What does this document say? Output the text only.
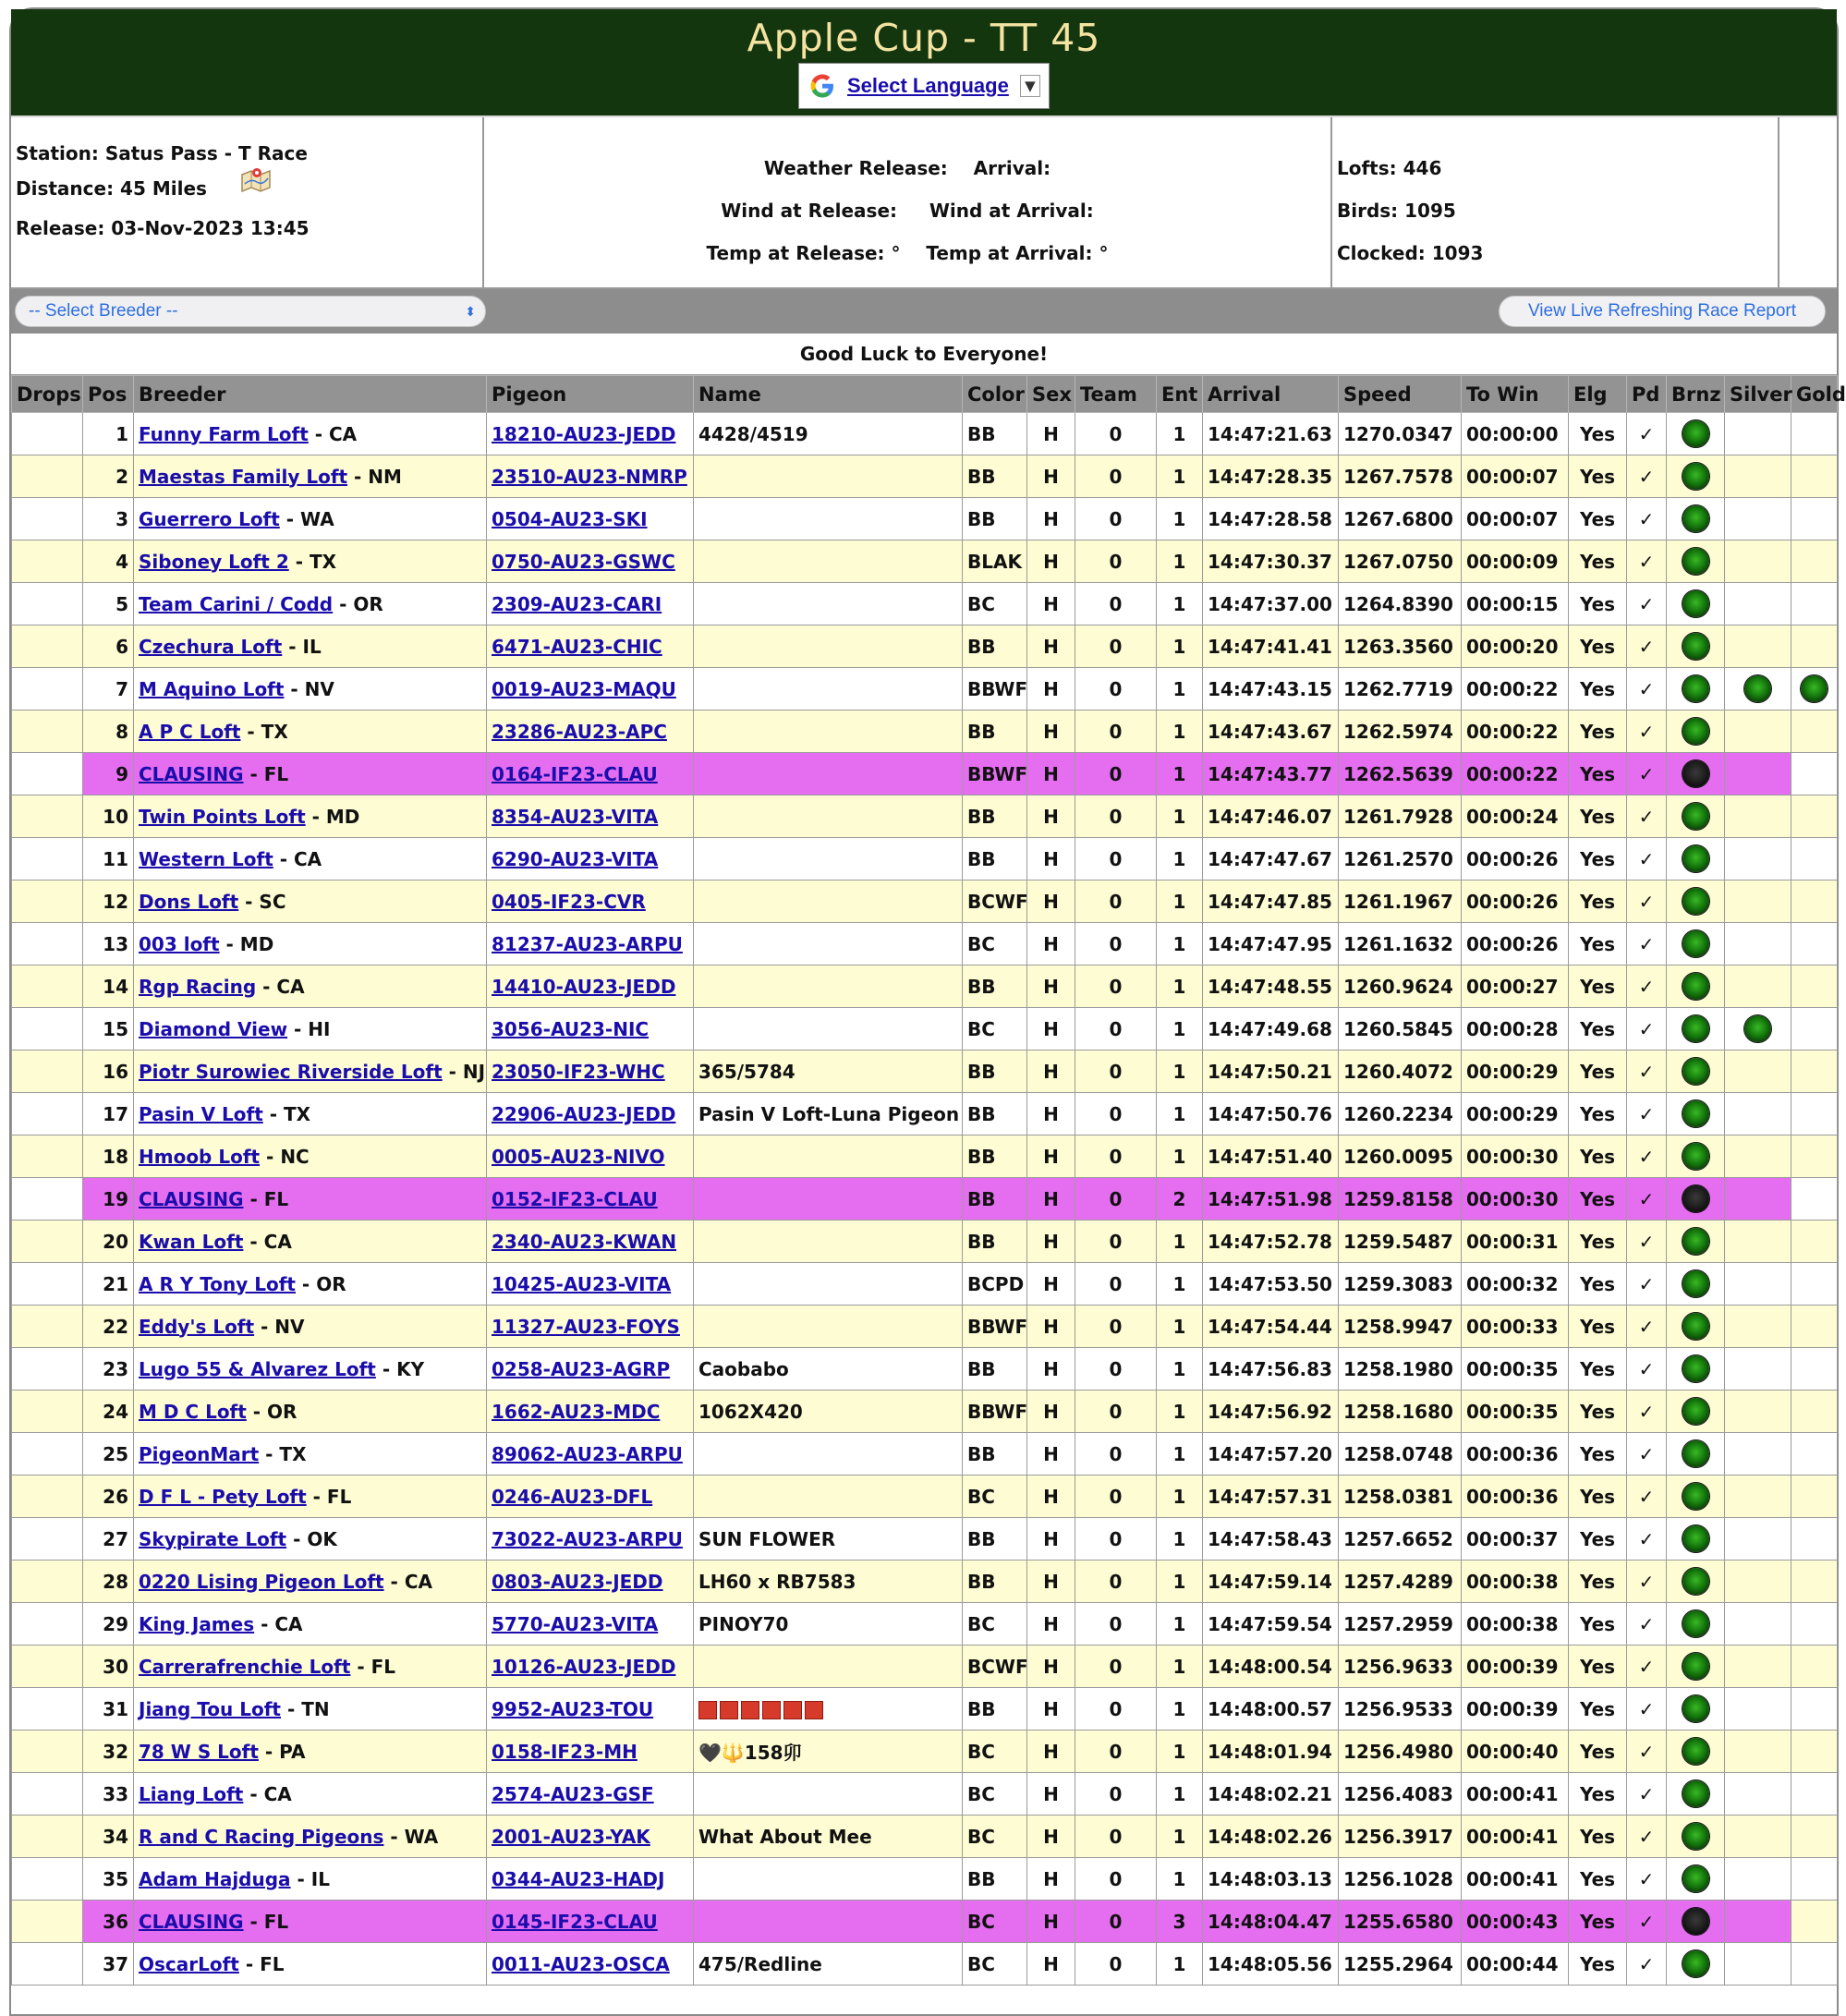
Apple Cup - TT 45
Select Language	▼
Station: Satus Pass - T Race
Distance: 45 Miles
Release: 03-Nov-2023 13:45
Weather Release: Arrival:
Wind at Release: Wind at Arrival:
Temp at Release: ° Temp at Arrival: °
Lofts: 446
Birds: 1095
Clocked: 1093
-- Select Breeder --	⬍	View Live Refreshing Race Report
Good Luck to Everyone!
Drops	Pos	Breeder	Pigeon	Name	Color	Sex	Team	Ent	Arrival	Speed	To Win	Elg	Pd	Brnz	Silver	Gold
	1	Funny Farm Loft - CA	18210-AU23-JEDD	4428/4519	BB	H	0	1	14:47:21.63	1270.0347	00:00:00	Yes	✓			
	2	Maestas Family Loft - NM	23510-AU23-NMRP		BB	H	0	1	14:47:28.35	1267.7578	00:00:07	Yes	✓			
	3	Guerrero Loft - WA	0504-AU23-SKI		BB	H	0	1	14:47:28.58	1267.6800	00:00:07	Yes	✓			
	4	Siboney Loft 2 - TX	0750-AU23-GSWC		BLAK	H	0	1	14:47:30.37	1267.0750	00:00:09	Yes	✓			
	5	Team Carini / Codd - OR	2309-AU23-CARI		BC	H	0	1	14:47:37.00	1264.8390	00:00:15	Yes	✓			
	6	Czechura Loft - IL	6471-AU23-CHIC		BB	H	0	1	14:47:41.41	1263.3560	00:00:20	Yes	✓			
	7	M Aquino Loft - NV	0019-AU23-MAQU		BBWF	H	0	1	14:47:43.15	1262.7719	00:00:22	Yes	✓			
	8	A P C Loft - TX	23286-AU23-APC		BB	H	0	1	14:47:43.67	1262.5974	00:00:22	Yes	✓			
	9	CLAUSING - FL	0164-IF23-CLAU		BBWF	H	0	1	14:47:43.77	1262.5639	00:00:22	Yes	✓			
	10	Twin Points Loft - MD	8354-AU23-VITA		BB	H	0	1	14:47:46.07	1261.7928	00:00:24	Yes	✓			
	11	Western Loft - CA	6290-AU23-VITA		BB	H	0	1	14:47:47.67	1261.2570	00:00:26	Yes	✓			
	12	Dons Loft - SC	0405-IF23-CVR		BCWF	H	0	1	14:47:47.85	1261.1967	00:00:26	Yes	✓			
	13	003 loft - MD	81237-AU23-ARPU		BC	H	0	1	14:47:47.95	1261.1632	00:00:26	Yes	✓			
	14	Rgp Racing - CA	14410-AU23-JEDD		BB	H	0	1	14:47:48.55	1260.9624	00:00:27	Yes	✓			
	15	Diamond View - HI	3056-AU23-NIC		BC	H	0	1	14:47:49.68	1260.5845	00:00:28	Yes	✓			
	16	Piotr Surowiec Riverside Loft - NJ	23050-IF23-WHC	365/5784	BB	H	0	1	14:47:50.21	1260.4072	00:00:29	Yes	✓			
	17	Pasin V Loft - TX	22906-AU23-JEDD	Pasin V Loft-Luna Pigeon	BB	H	0	1	14:47:50.76	1260.2234	00:00:29	Yes	✓			
	18	Hmoob Loft - NC	0005-AU23-NIVO		BB	H	0	1	14:47:51.40	1260.0095	00:00:30	Yes	✓			
	19	CLAUSING - FL	0152-IF23-CLAU		BB	H	0	2	14:47:51.98	1259.8158	00:00:30	Yes	✓			
	20	Kwan Loft - CA	2340-AU23-KWAN		BB	H	0	1	14:47:52.78	1259.5487	00:00:31	Yes	✓			
	21	A R Y Tony Loft - OR	10425-AU23-VITA		BCPD	H	0	1	14:47:53.50	1259.3083	00:00:32	Yes	✓			
	22	Eddy's Loft - NV	11327-AU23-FOYS		BBWF	H	0	1	14:47:54.44	1258.9947	00:00:33	Yes	✓			
	23	Lugo 55 & Alvarez Loft - KY	0258-AU23-AGRP	Caobabo	BB	H	0	1	14:47:56.83	1258.1980	00:00:35	Yes	✓			
	24	M D C Loft - OR	1662-AU23-MDC	1062X420	BBWF	H	0	1	14:47:56.92	1258.1680	00:00:35	Yes	✓			
	25	PigeonMart - TX	89062-AU23-ARPU		BB	H	0	1	14:47:57.20	1258.0748	00:00:36	Yes	✓			
	26	D F L - Pety Loft - FL	0246-AU23-DFL		BC	H	0	1	14:47:57.31	1258.0381	00:00:36	Yes	✓			
	27	Skypirate Loft - OK	73022-AU23-ARPU	SUN FLOWER	BB	H	0	1	14:47:58.43	1257.6652	00:00:37	Yes	✓			
	28	0220 Lising Pigeon Loft - CA	0803-AU23-JEDD	LH60 x RB7583	BB	H	0	1	14:47:59.14	1257.4289	00:00:38	Yes	✓			
	29	King James - CA	5770-AU23-VITA	PINOY70	BC	H	0	1	14:47:59.54	1257.2959	00:00:38	Yes	✓			
	30	Carrerafrenchie Loft - FL	10126-AU23-JEDD		BCWF	H	0	1	14:48:00.54	1256.9633	00:00:39	Yes	✓			
	31	Jiang Tou Loft - TN	9952-AU23-TOU		BB	H	0	1	14:48:00.57	1256.9533	00:00:39	Yes	✓			
	32	78 W S Loft - PA	0158-IF23-MH	🖤🔱158卯	BC	H	0	1	14:48:01.94	1256.4980	00:00:40	Yes	✓			
	33	Liang Loft - CA	2574-AU23-GSF		BC	H	0	1	14:48:02.21	1256.4083	00:00:41	Yes	✓			
	34	R and C Racing Pigeons - WA	2001-AU23-YAK	What About Mee	BC	H	0	1	14:48:02.26	1256.3917	00:00:41	Yes	✓			
	35	Adam Hajduga - IL	0344-AU23-HADJ		BB	H	0	1	14:48:03.13	1256.1028	00:00:41	Yes	✓			
	36	CLAUSING - FL	0145-IF23-CLAU		BC	H	0	3	14:48:04.47	1255.6580	00:00:43	Yes	✓			
	37	OscarLoft - FL	0011-AU23-OSCA	475/Redline	BC	H	0	1	14:48:05.56	1255.2964	00:00:44	Yes	✓			
